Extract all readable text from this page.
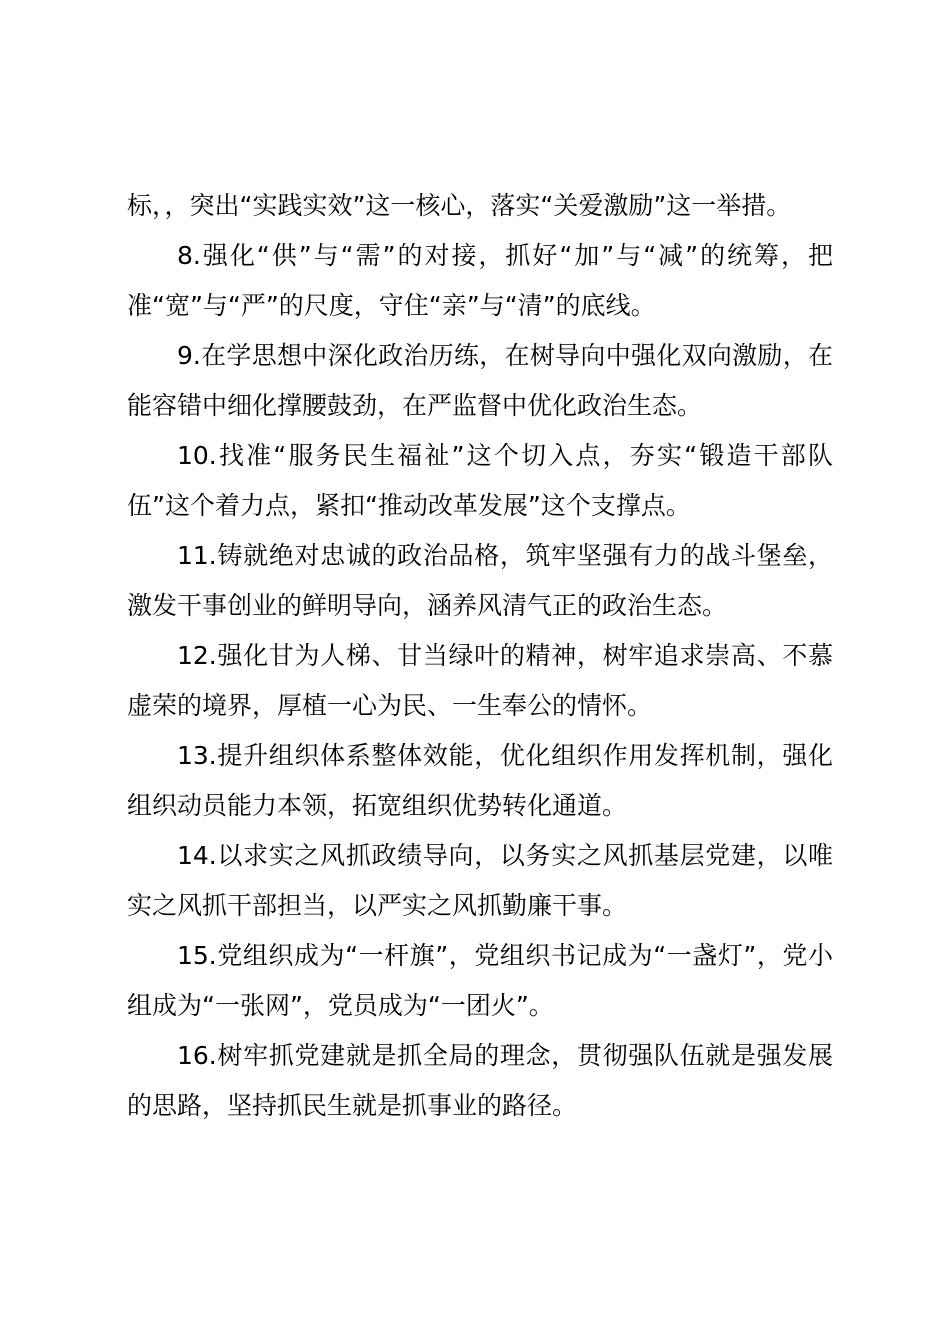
标，，突出“实践实效”这一核心，落实“关爱激励”这一举措。

8.强化“供”与“需”的对接，抓好“加”与“减”的统筹，把准“宽”与“严”的尺度，守住“亲”与“清”的底线。

9.在学思想中深化政治历练，在树导向中强化双向激励，在能容错中细化撑腰鼓劲，在严监督中优化政治生态。

10.找准“服务民生福祉”这个切入点，夯实“锻造干部队伍”这个着力点，紧扣“推动改革发展”这个支撑点。

11.铸就绝对忠诚的政治品格，筑牢坚强有力的战斗堡垒，激发干事创业的鲜明导向，涵养风清气正的政治生态。

12.强化甘为人梯、甘当绿叶的精神，树牢追求崇高、不慕虚荣的境界，厚植一心为民、一生奉公的情怀。

13.提升组织体系整体效能，优化组织作用发挥机制，强化组织动员能力本领，拓宽组织优势转化通道。

14.以求实之风抓政绩导向，以务实之风抓基层党建，以唯实之风抓干部担当，以严实之风抓勤廉干事。

15.党组织成为“一杆旗”，党组织书记成为“一盏灯”，党小组成为“一张网”，党员成为“一团火”。

16.树牢抓党建就是抓全局的理念，贯彻强队伍就是强发展的思路，坚持抓民生就是抓事业的路径。
